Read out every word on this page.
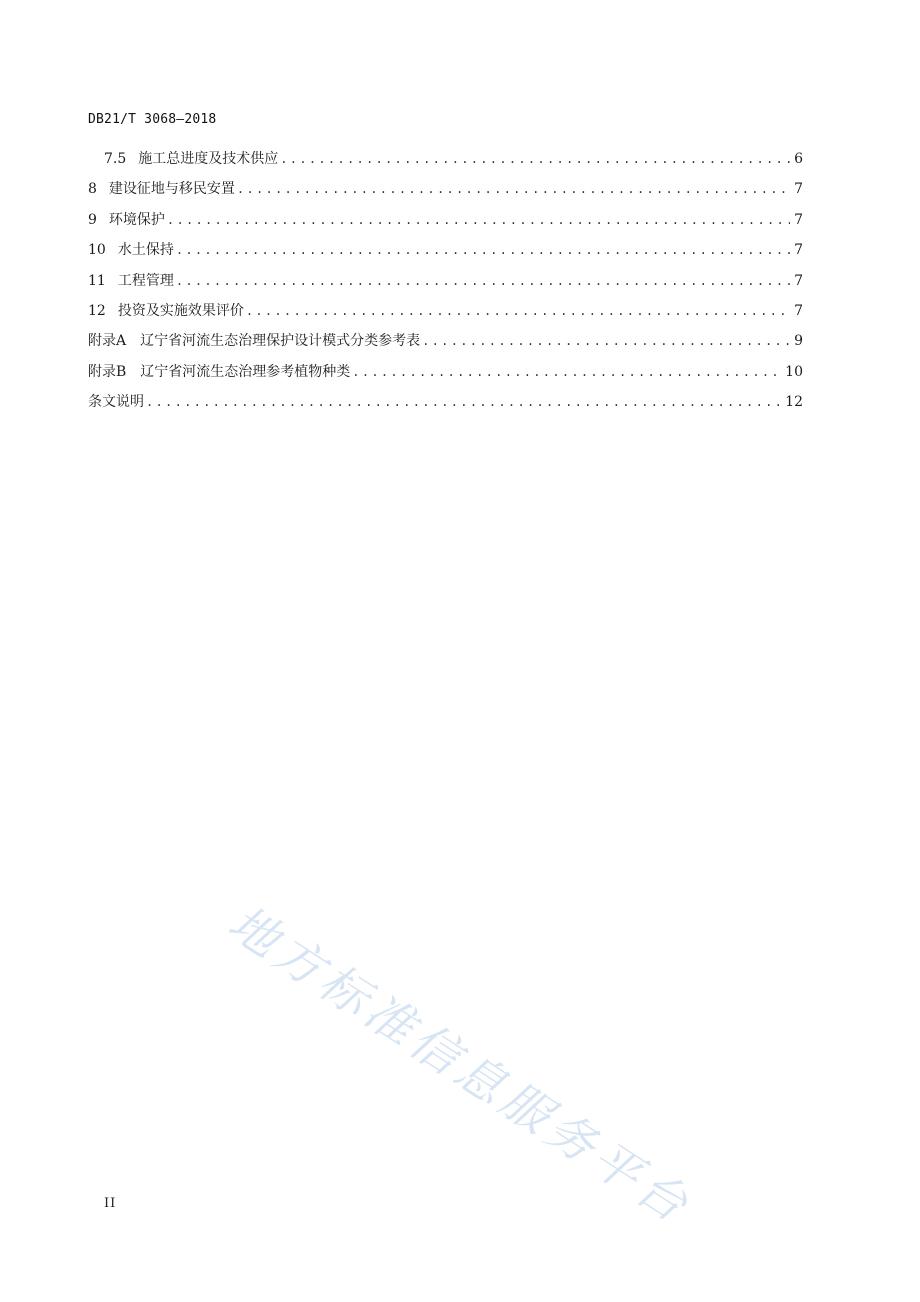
DB21/T 3068—2018
7.5 施工总进度及技术供应 .....	6
8 建设征地与移民安置 .....	7
9 环境保护 .....	7
10 水土保持 .....	7
11 工程管理 .....	7
12 投资及实施效果评价 .....	7
附录A 辽宁省河流生态治理保护设计模式分类参考表 .....	9
附录B 辽宁省河流生态治理参考植物种类 .....	10
条文说明 .....	12
地方标准信息服务平台
II
